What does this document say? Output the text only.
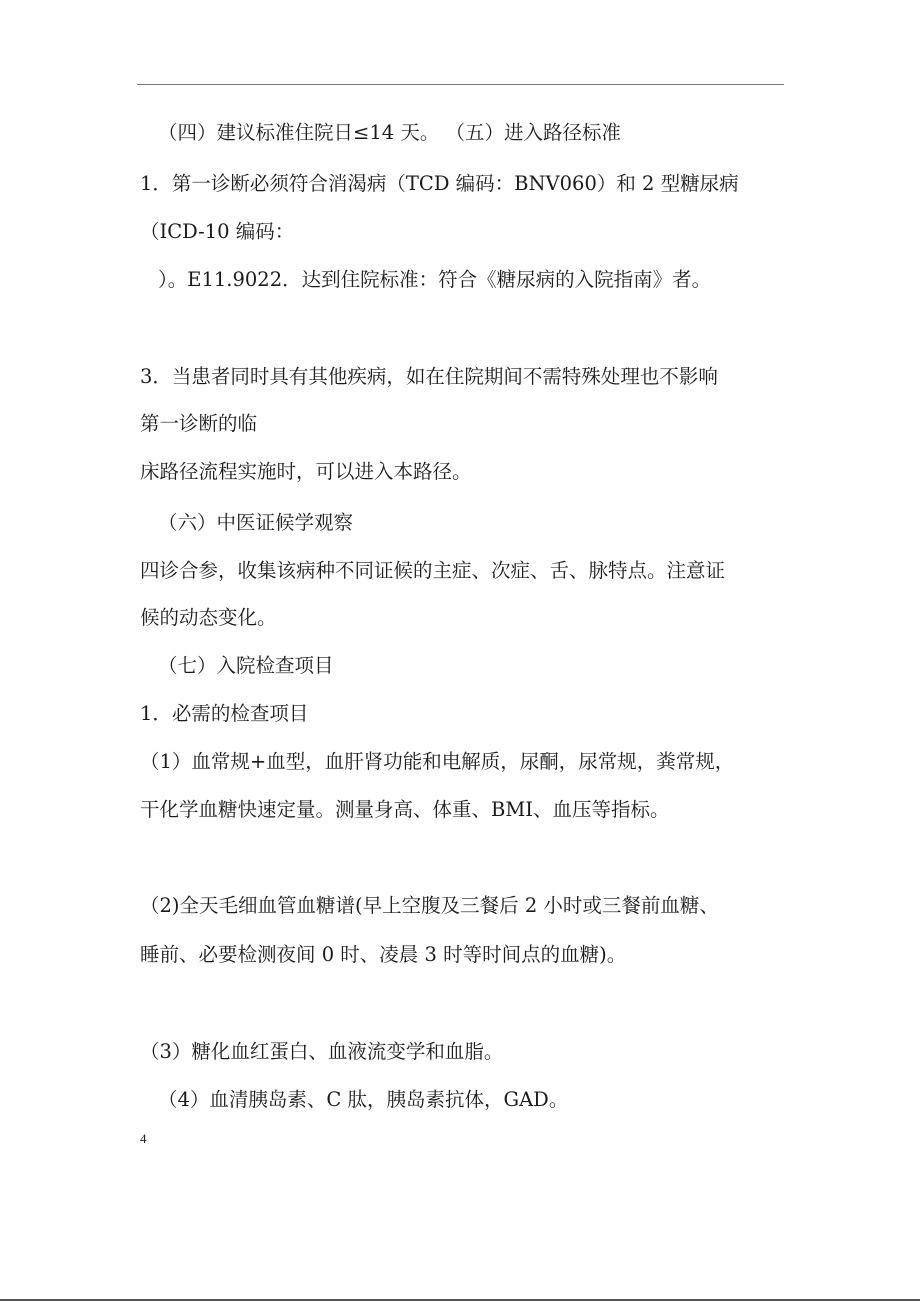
（四）建议标准住院日≤14 天。 （五）进入路径标准
1．第一诊断必须符合消渴病（TCD 编码：BNV060）和 2 型糖尿病
（ICD-10 编码：
）。E11.9022．达到住院标准：符合《糖尿病的入院指南》者。
3．当患者同时具有其他疾病，如在住院期间不需特殊处理也不影响
第一诊断的临
床路径流程实施时，可以进入本路径。
（六）中医证候学观察
四诊合参，收集该病种不同证候的主症、次症、舌、脉特点。注意证
候的动态变化。
（七）入院检查项目
1．必需的检查项目
（1）血常规+血型，血肝肾功能和电解质，尿酮，尿常规，粪常规，
干化学血糖快速定量。测量身高、体重、BMI、血压等指标。
（2)全天毛细血管血糖谱(早上空腹及三餐后 2 小时或三餐前血糖、
睡前、必要检测夜间 0 时、凌晨 3 时等时间点的血糖)。
（3）糖化血红蛋白、血液流变学和血脂。
（4）血清胰岛素、C 肽，胰岛素抗体，GAD。
4
